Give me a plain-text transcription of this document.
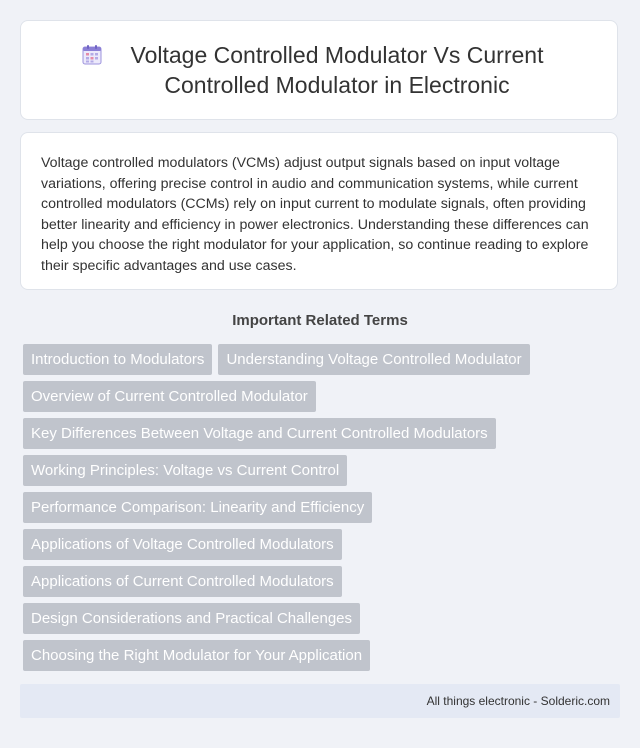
Voltage Controlled Modulator Vs Current Controlled Modulator in Electronic

Voltage controlled modulators (VCMs) adjust output signals based on input voltage variations, offering precise control in audio and communication systems, while current controlled modulators (CCMs) rely on input current to modulate signals, often providing better linearity and efficiency in power electronics. Understanding these differences can help you choose the right modulator for your application, so continue reading to explore their specific advantages and use cases.

Important Related Terms
Introduction to Modulators	Understanding Voltage Controlled Modulator
Overview of Current Controlled Modulator
Key Differences Between Voltage and Current Controlled Modulators
Working Principles: Voltage vs Current Control
Performance Comparison: Linearity and Efficiency
Applications of Voltage Controlled Modulators
Applications of Current Controlled Modulators
Design Considerations and Practical Challenges
Choosing the Right Modulator for Your Application
All things electronic - Solderic.com
